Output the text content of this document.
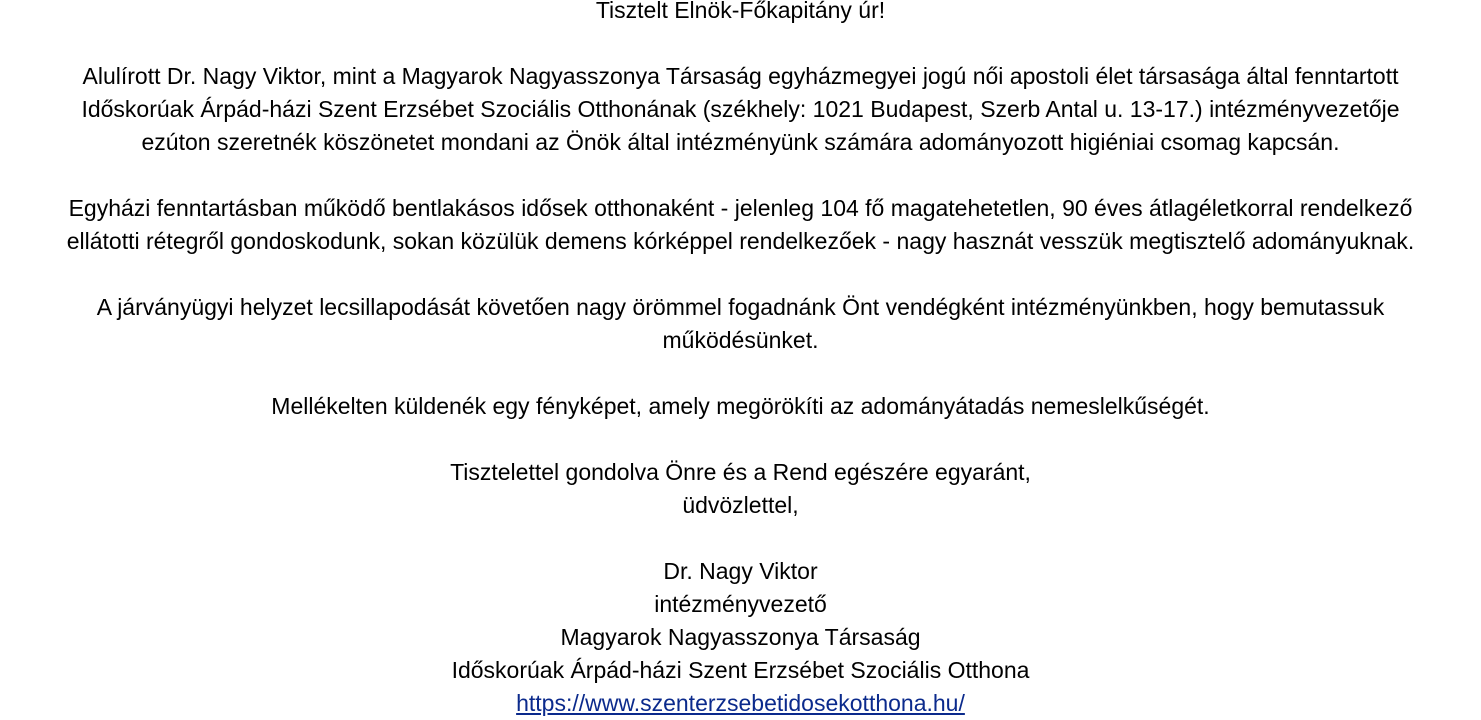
Tisztelt Elnök-Főkapitány úr!
Alulírott Dr. Nagy Viktor, mint a Magyarok Nagyasszonya Társaság egyházmegyei jogú női apostoli élet társasága által fenntartott
Időskorúak Árpád-házi Szent Erzsébet Szociális Otthonának (székhely: 1021 Budapest, Szerb Antal u. 13-17.) intézményvezetője
ezúton szeretnék köszönetet mondani az Önök által intézményünk számára adományozott higiéniai csomag kapcsán.
Egyházi fenntartásban működő bentlakásos idősek otthonaként - jelenleg 104 fő magatehetetlen, 90 éves átlagéletkorral rendelkező
ellátotti rétegről gondoskodunk, sokan közülük demens kórképpel rendelkezőek - nagy hasznát vesszük megtisztelő adományuknak.
A járványügyi helyzet lecsillapodását követően nagy örömmel fogadnánk Önt vendégként intézményünkben, hogy bemutassuk
működésünket.
Mellékelten küldenék egy fényképet, amely megörökíti az adományátadás nemeslelkűségét.
Tisztelettel gondolva Önre és a Rend egészére egyaránt,
üdvözlettel,
Dr. Nagy Viktor
intézményvezető
Magyarok Nagyasszonya Társaság
Időskorúak Árpád-házi Szent Erzsébet Szociális Otthona
https://www.szenterzsebetidosekotthona.hu/
